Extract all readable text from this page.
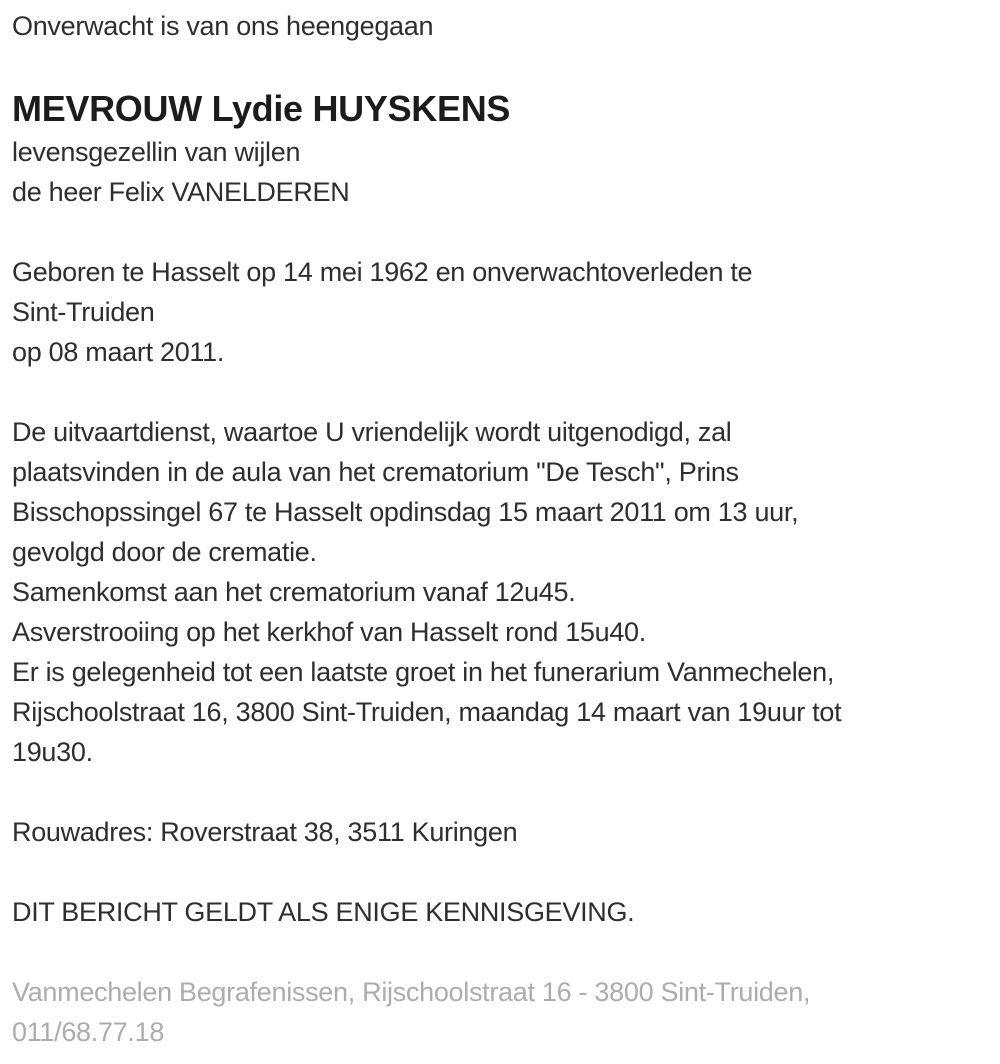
Onverwacht is van ons heengegaan
MEVROUW Lydie HUYSKENS
levensgezellin van wijlen
de heer Felix VANELDEREN
Geboren te Hasselt op 14 mei 1962 en onverwachtoverleden te
Sint-Truiden
op 08 maart 2011.
De uitvaartdienst, waartoe U vriendelijk wordt uitgenodigd, zal
plaatsvinden in de aula van het crematorium "De Tesch", Prins
Bisschopssingel 67 te Hasselt opdinsdag 15 maart 2011 om 13 uur,
gevolgd door de crematie.
Samenkomst aan het crematorium vanaf 12u45.
Asverstrooiing op het kerkhof van Hasselt rond 15u40.
Er is gelegenheid tot een laatste groet in het funerarium Vanmechelen,
Rijschoolstraat 16, 3800 Sint-Truiden, maandag 14 maart van 19uur tot
19u30.
Rouwadres: Roverstraat 38, 3511 Kuringen
DIT BERICHT GELDT ALS ENIGE KENNISGEVING.
Vanmechelen Begrafenissen, Rijschoolstraat 16 - 3800 Sint-Truiden,
011/68.77.18
